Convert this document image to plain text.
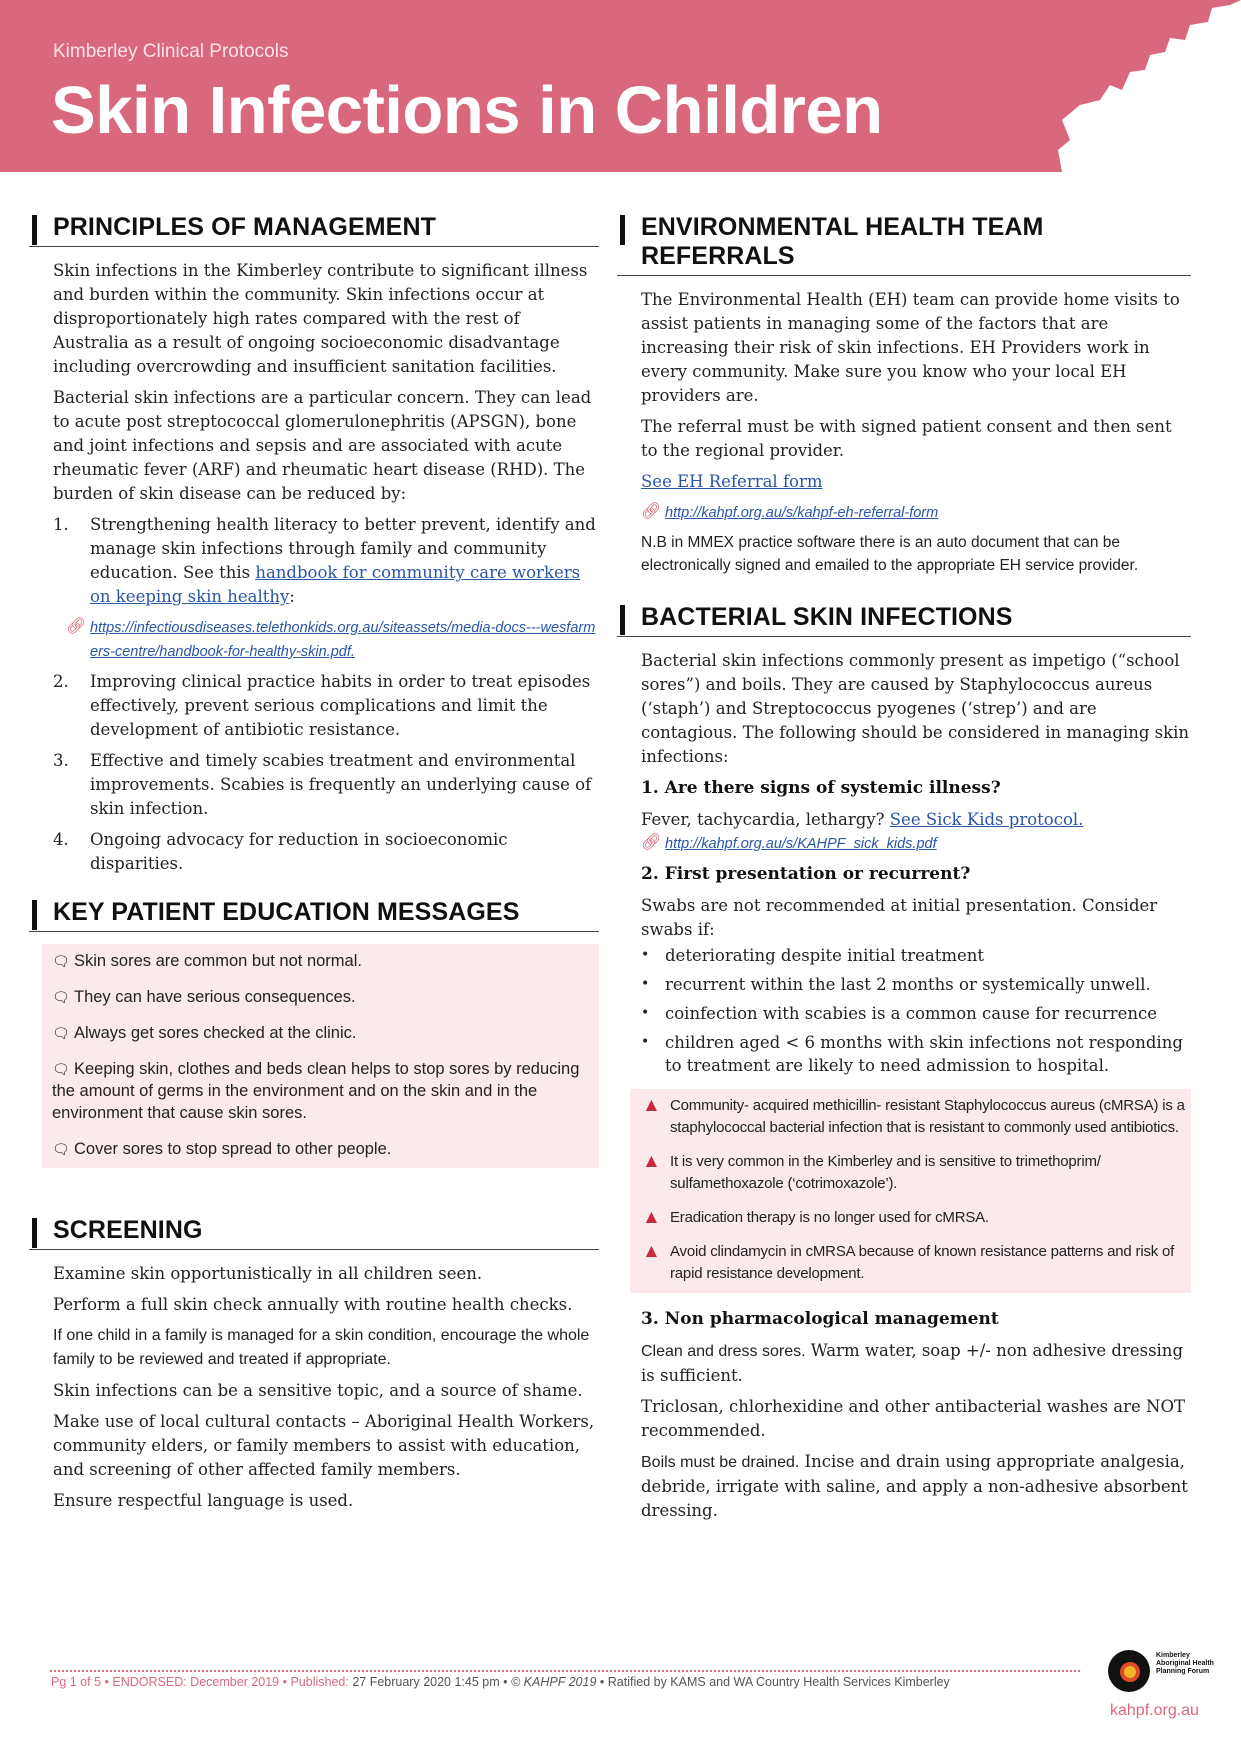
Kimberley Clinical Protocols
Skin Infections in Children
PRINCIPLES OF MANAGEMENT
Skin infections in the Kimberley contribute to significant illness and burden within the community. Skin infections occur at disproportionately high rates compared with the rest of Australia as a result of ongoing socioeconomic disadvantage including overcrowding and insufficient sanitation facilities.
Bacterial skin infections are a particular concern. They can lead to acute post streptococcal glomerulonephritis (APSGN), bone and joint infections and sepsis and are associated with acute rheumatic fever (ARF) and rheumatic heart disease (RHD). The burden of skin disease can be reduced by:
1.	Strengthening health literacy to better prevent, identify and manage skin infections through family and community education. See this handbook for community care workers on keeping skin healthy:
🔗︎ https://infectiousdiseases.telethonkids.org.au/siteassets/media-docs---wesfarmers-centre/handbook-for-healthy-skin.pdf.
2.	Improving clinical practice habits in order to treat episodes effectively, prevent serious complications and limit the development of antibiotic resistance.
3.	Effective and timely scabies treatment and environmental improvements. Scabies is frequently an underlying cause of skin infection.
4.	Ongoing advocacy for reduction in socioeconomic disparities.
KEY PATIENT EDUCATION MESSAGES
🗨︎ Skin sores are common but not normal.
🗨︎ They can have serious consequences.
🗨︎ Always get sores checked at the clinic.
🗨︎ Keeping skin, clothes and beds clean helps to stop sores by reducing the amount of germs in the environment and on the skin and in the environment that cause skin sores.
🗨︎ Cover sores to stop spread to other people.
SCREENING
Examine skin opportunistically in all children seen.
Perform a full skin check annually with routine health checks.
If one child in a family is managed for a skin condition, encourage the whole family to be reviewed and treated if appropriate.
Skin infections can be a sensitive topic, and a source of shame.
Make use of local cultural contacts – Aboriginal Health Workers, community elders, or family members to assist with education, and screening of other affected family members.
Ensure respectful language is used.
ENVIRONMENTAL HEALTH TEAM REFERRALS
The Environmental Health (EH) team can provide home visits to assist patients in managing some of the factors that are increasing their risk of skin infections. EH Providers work in every community. Make sure you know who your local EH providers are.
The referral must be with signed patient consent and then sent to the regional provider.
See EH Referral form
🔗︎ http://kahpf.org.au/s/kahpf-eh-referral-form
N.B in MMEX practice software there is an auto document that can be electronically signed and emailed to the appropriate EH service provider.
BACTERIAL SKIN INFECTIONS
Bacterial skin infections commonly present as impetigo (“school sores”) and boils. They are caused by Staphylococcus aureus (‘staph’) and Streptococcus pyogenes (‘strep’) and are contagious. The following should be considered in managing skin infections:
1. Are there signs of systemic illness?
Fever, tachycardia, lethargy? See Sick Kids protocol.
🔗︎ http://kahpf.org.au/s/KAHPF_sick_kids.pdf
2. First presentation or recurrent?
Swabs are not recommended at initial presentation. Consider swabs if:
• deteriorating despite initial treatment
• recurrent within the last 2 months or systemically unwell.
• coinfection with scabies is a common cause for recurrence
• children aged < 6 months with skin infections not responding to treatment are likely to need admission to hospital.
▲ Community- acquired methicillin- resistant Staphylococcus aureus (cMRSA) is a staphylococcal bacterial infection that is resistant to commonly used antibiotics.
▲ It is very common in the Kimberley and is sensitive to trimethoprim/ sulfamethoxazole (‘cotrimoxazole’).
▲ Eradication therapy is no longer used for cMRSA.
▲ Avoid clindamycin in cMRSA because of known resistance patterns and risk of rapid resistance development.
3. Non pharmacological management
Clean and dress sores. Warm water, soap +/- non adhesive dressing is sufficient.
Triclosan, chlorhexidine and other antibacterial washes are NOT recommended.
Boils must be drained. Incise and drain using appropriate analgesia, debride, irrigate with saline, and apply a non-adhesive absorbent dressing.
Pg 1 of 5 • ENDORSED: December 2019 • Published: 27 February 2020 1:45 pm • © KAHPF 2019 • Ratified by KAMS and WA Country Health Services Kimberley
Kimberley Aboriginal Health Planning Forum
kahpf.org.au
